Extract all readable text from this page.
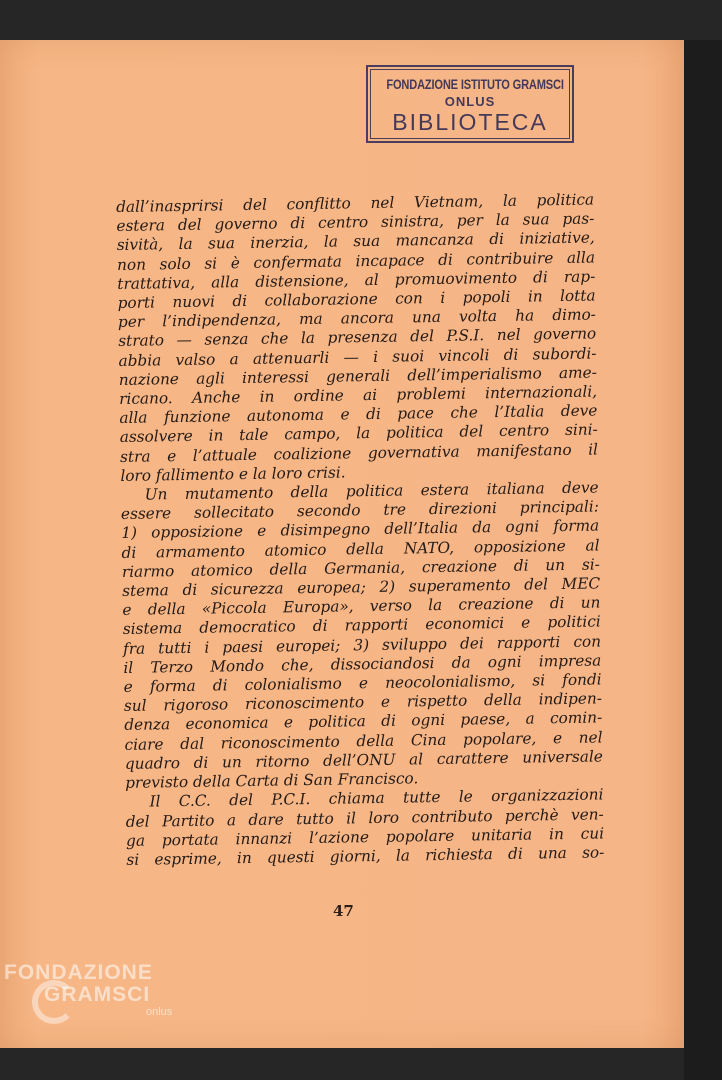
FONDAZIONE ISTITUTO GRAMSCI
ONLUS
BIBLIOTECA
dall’inasprirsi del conflitto nel Vietnam, la politica
estera del governo di centro sinistra, per la sua pas-
sività, la sua inerzia, la sua mancanza di iniziative,
non solo si è confermata incapace di contribuire alla
trattativa, alla distensione, al promuovimento di rap-
porti nuovi di collaborazione con i popoli in lotta
per l’indipendenza, ma ancora una volta ha dimo-
strato — senza che la presenza del P.S.I. nel governo
abbia valso a attenuarli — i suoi vincoli di subordi-
nazione agli interessi generali dell’imperialismo ame-
ricano. Anche in ordine ai problemi internazionali,
alla funzione autonoma e di pace che l’Italia deve
assolvere in tale campo, la politica del centro sini-
stra e l’attuale coalizione governativa manifestano il
loro fallimento e la loro crisi.
Un mutamento della politica estera italiana deve
essere sollecitato secondo tre direzioni principali:
1) opposizione e disimpegno dell’Italia da ogni forma
di armamento atomico della NATO, opposizione al
riarmo atomico della Germania, creazione di un si-
stema di sicurezza europea; 2) superamento del MEC
e della «Piccola Europa», verso la creazione di un
sistema democratico di rapporti economici e politici
fra tutti i paesi europei; 3) sviluppo dei rapporti con
il Terzo Mondo che, dissociandosi da ogni impresa
e forma di colonialismo e neocolonialismo, si fondi
sul rigoroso riconoscimento e rispetto della indipen-
denza economica e politica di ogni paese, a comin-
ciare dal riconoscimento della Cina popolare, e nel
quadro di un ritorno dell’ONU al carattere universale
previsto della Carta di San Francisco.
Il C.C. del P.C.I. chiama tutte le organizzazioni
del Partito a dare tutto il loro contributo perchè ven-
ga portata innanzi l’azione popolare unitaria in cui
si esprime, in questi giorni, la richiesta di una so-
47
FONDAZIONE
GRAMSCI
onlus
